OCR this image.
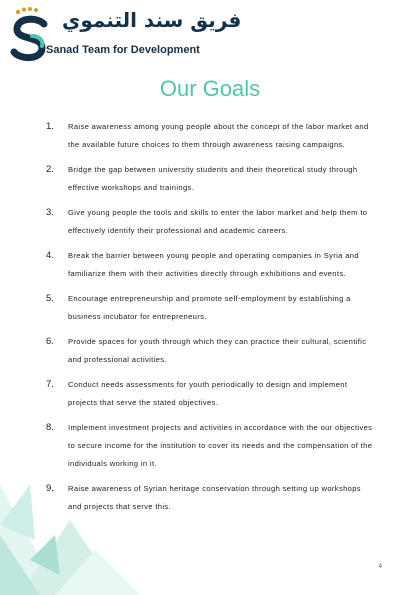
فريق سند التنموي
Sanad Team for Development
Our Goals
1. Raise awareness among young people about the concept of the labor market and the available future choices to them through awareness raising campaigns.
2. Bridge the gap between university students and their theoretical study through effective workshops and trainings.
3. Give young people the tools and skills to enter the labor market and help them to effectively identify their professional and academic careers.
4. Break the barrier between young people and operating companies in Syria and familiarize them with their activities directly through exhibitions and events.
5. Encourage entrepreneurship and promote self-employment by establishing a business incubator for entrepreneurs.
6. Provide spaces for youth through which they can practice their cultural, scientific and professional activities.
7. Conduct needs assessments for youth periodically to design and implement projects that serve the stated objectives.
8. Implement investment projects and activities in accordance with the our objectives to secure income for the institution to cover its needs and the compensation of the individuals working in it.
9. Raise awareness of Syrian heritage conservation through setting up workshops and projects that serve this.
4
